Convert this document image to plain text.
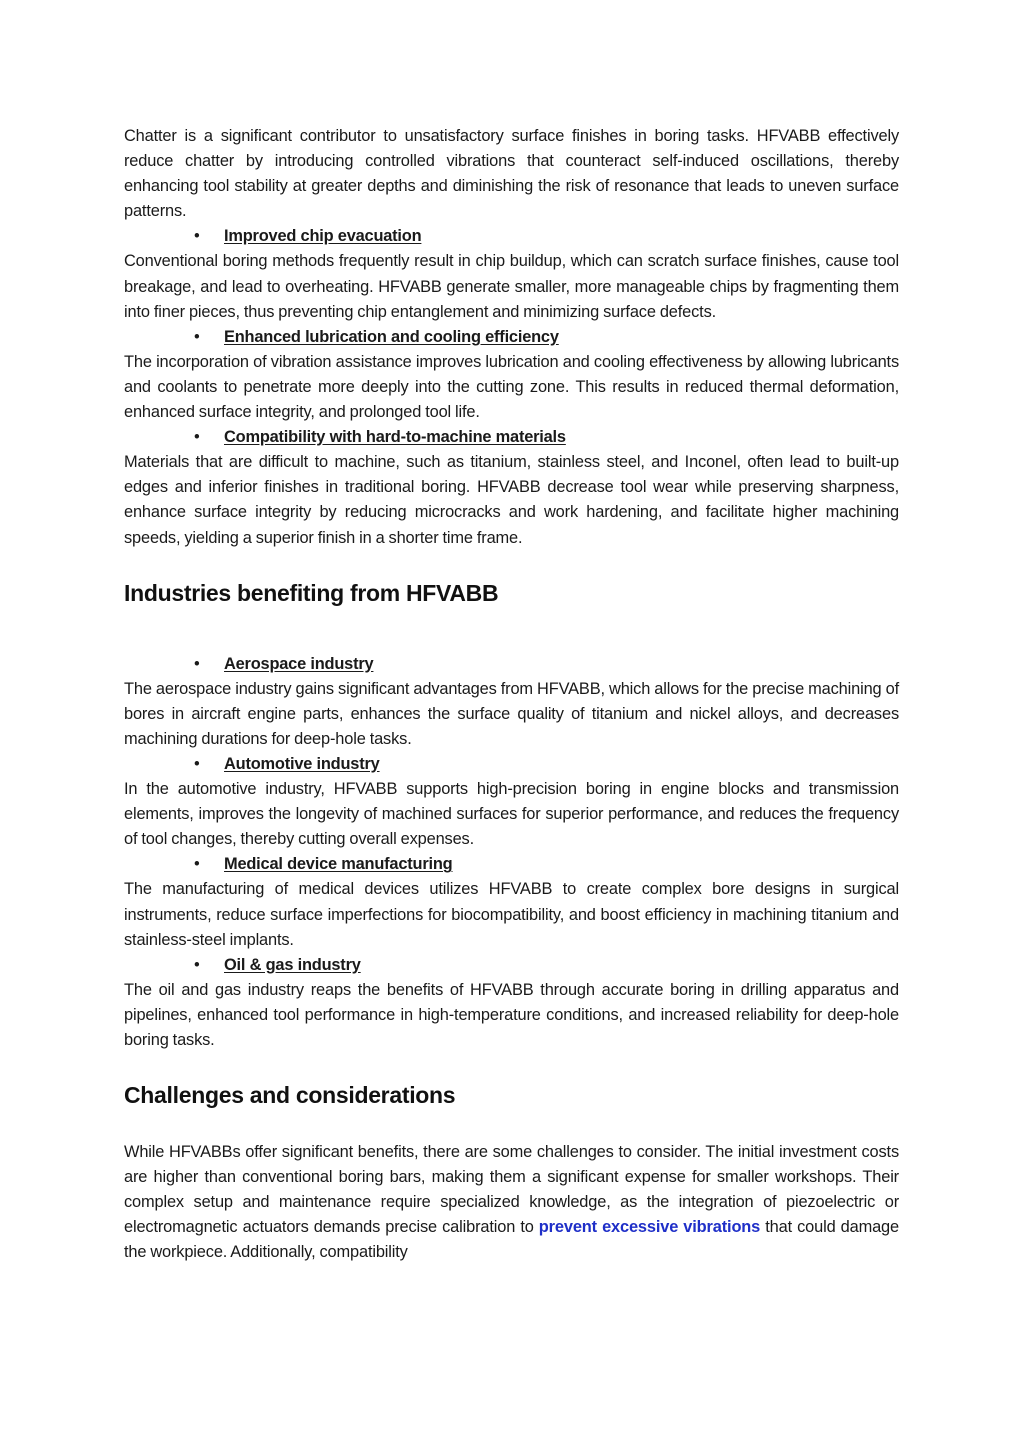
Chatter is a significant contributor to unsatisfactory surface finishes in boring tasks. HFVABB effectively reduce chatter by introducing controlled vibrations that counteract self-induced oscillations, thereby enhancing tool stability at greater depths and diminishing the risk of resonance that leads to uneven surface patterns.

• Improved chip evacuation

Conventional boring methods frequently result in chip buildup, which can scratch surface finishes, cause tool breakage, and lead to overheating. HFVABB generate smaller, more manageable chips by fragmenting them into finer pieces, thus preventing chip entanglement and minimizing surface defects.

• Enhanced lubrication and cooling efficiency

The incorporation of vibration assistance improves lubrication and cooling effectiveness by allowing lubricants and coolants to penetrate more deeply into the cutting zone. This results in reduced thermal deformation, enhanced surface integrity, and prolonged tool life.

• Compatibility with hard-to-machine materials

Materials that are difficult to machine, such as titanium, stainless steel, and Inconel, often lead to built-up edges and inferior finishes in traditional boring. HFVABB decrease tool wear while preserving sharpness, enhance surface integrity by reducing microcracks and work hardening, and facilitate higher machining speeds, yielding a superior finish in a shorter time frame.

Industries benefiting from HFVABB
• Aerospace industry

The aerospace industry gains significant advantages from HFVABB, which allows for the precise machining of bores in aircraft engine parts, enhances the surface quality of titanium and nickel alloys, and decreases machining durations for deep-hole tasks.

• Automotive industry

In the automotive industry, HFVABB supports high-precision boring in engine blocks and transmission elements, improves the longevity of machined surfaces for superior performance, and reduces the frequency of tool changes, thereby cutting overall expenses.

• Medical device manufacturing

The manufacturing of medical devices utilizes HFVABB to create complex bore designs in surgical instruments, reduce surface imperfections for biocompatibility, and boost efficiency in machining titanium and stainless-steel implants.

• Oil & gas industry

The oil and gas industry reaps the benefits of HFVABB through accurate boring in drilling apparatus and pipelines, enhanced tool performance in high-temperature conditions, and increased reliability for deep-hole boring tasks.

Challenges and considerations

While HFVABBs offer significant benefits, there are some challenges to consider. The initial investment costs are higher than conventional boring bars, making them a significant expense for smaller workshops. Their complex setup and maintenance require specialized knowledge, as the integration of piezoelectric or electromagnetic actuators demands precise calibration to prevent excessive vibrations that could damage the workpiece. Additionally, compatibility
